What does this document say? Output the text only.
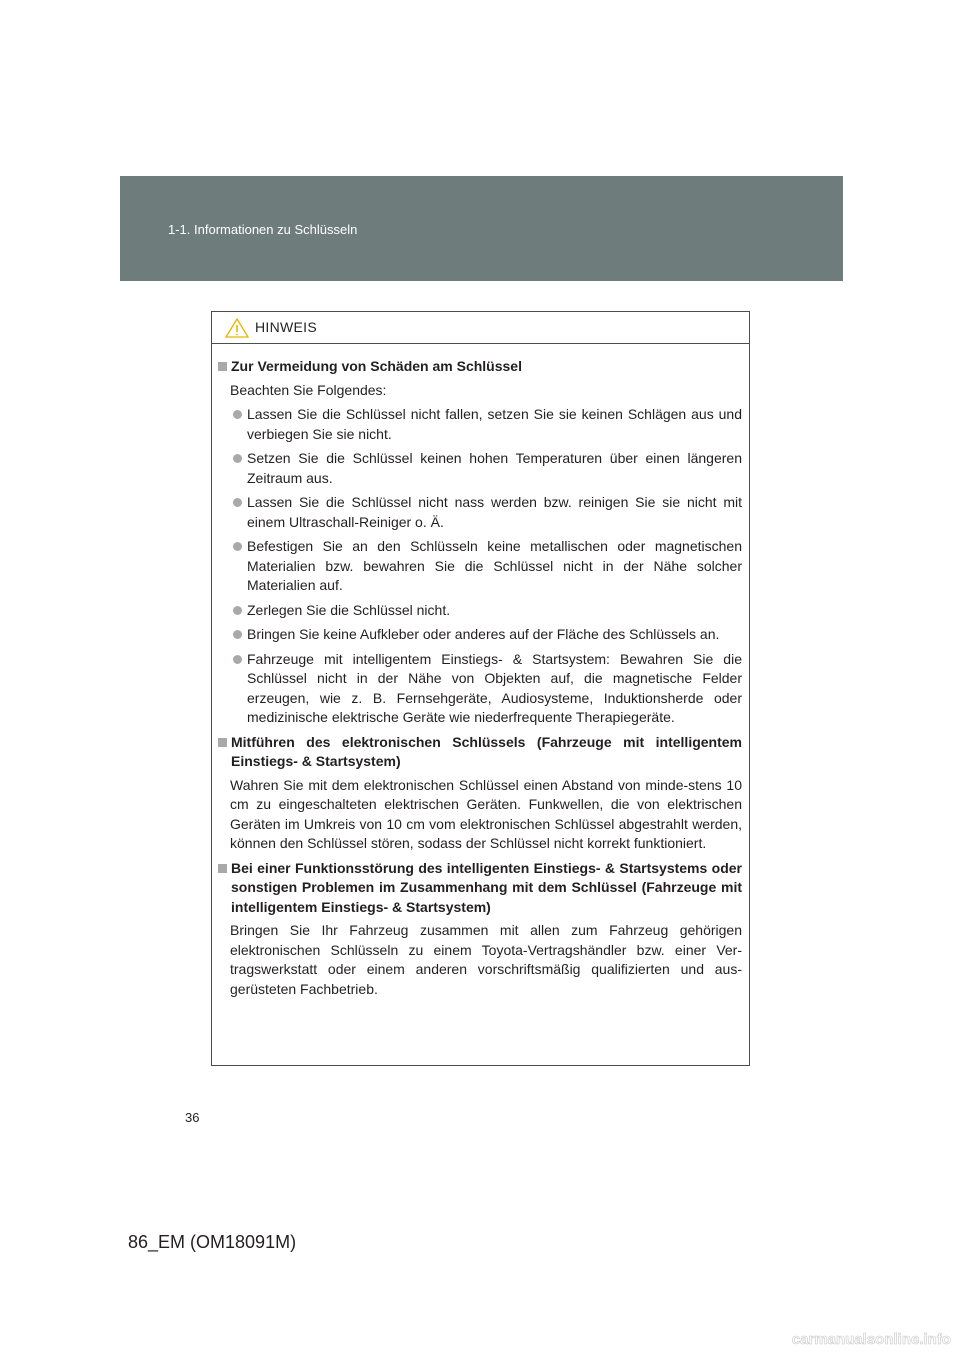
1-1. Informationen zu Schlüsseln
HINWEIS
Zur Vermeidung von Schäden am Schlüssel
Beachten Sie Folgendes:
Lassen Sie die Schlüssel nicht fallen, setzen Sie sie keinen Schlägen aus und verbiegen Sie sie nicht.
Setzen Sie die Schlüssel keinen hohen Temperaturen über einen längeren Zeitraum aus.
Lassen Sie die Schlüssel nicht nass werden bzw. reinigen Sie sie nicht mit einem Ultraschall-Reiniger o. Ä.
Befestigen Sie an den Schlüsseln keine metallischen oder magnetischen Materialien bzw. bewahren Sie die Schlüssel nicht in der Nähe solcher Materialien auf.
Zerlegen Sie die Schlüssel nicht.
Bringen Sie keine Aufkleber oder anderes auf der Fläche des Schlüssels an.
Fahrzeuge mit intelligentem Einstiegs- & Startsystem: Bewahren Sie die Schlüssel nicht in der Nähe von Objekten auf, die magnetische Felder erzeugen, wie z. B. Fernsehgeräte, Audiosysteme, Induktionsherde oder medizinische elektrische Geräte wie niederfrequente Therapiegeräte.
Mitführen des elektronischen Schlüssels (Fahrzeuge mit intelligentem Einstiegs- & Startsystem)
Wahren Sie mit dem elektronischen Schlüssel einen Abstand von minde-stens 10 cm zu eingeschalteten elektrischen Geräten. Funkwellen, die von elektrischen Geräten im Umkreis von 10 cm vom elektronischen Schlüssel abgestrahlt werden, können den Schlüssel stören, sodass der Schlüssel nicht korrekt funktioniert.
Bei einer Funktionsstörung des intelligenten Einstiegs- & Startsystems oder sonstigen Problemen im Zusammenhang mit dem Schlüssel (Fahrzeuge mit intelligentem Einstiegs- & Startsystem)
Bringen Sie Ihr Fahrzeug zusammen mit allen zum Fahrzeug gehörigen elektronischen Schlüsseln zu einem Toyota-Vertragshändler bzw. einer Ver-tragswerkstatt oder einem anderen vorschriftsmäßig qualifizierten und aus-gerüsteten Fachbetrieb.
36
86_EM (OM18091M)
carmanualsonline.info
